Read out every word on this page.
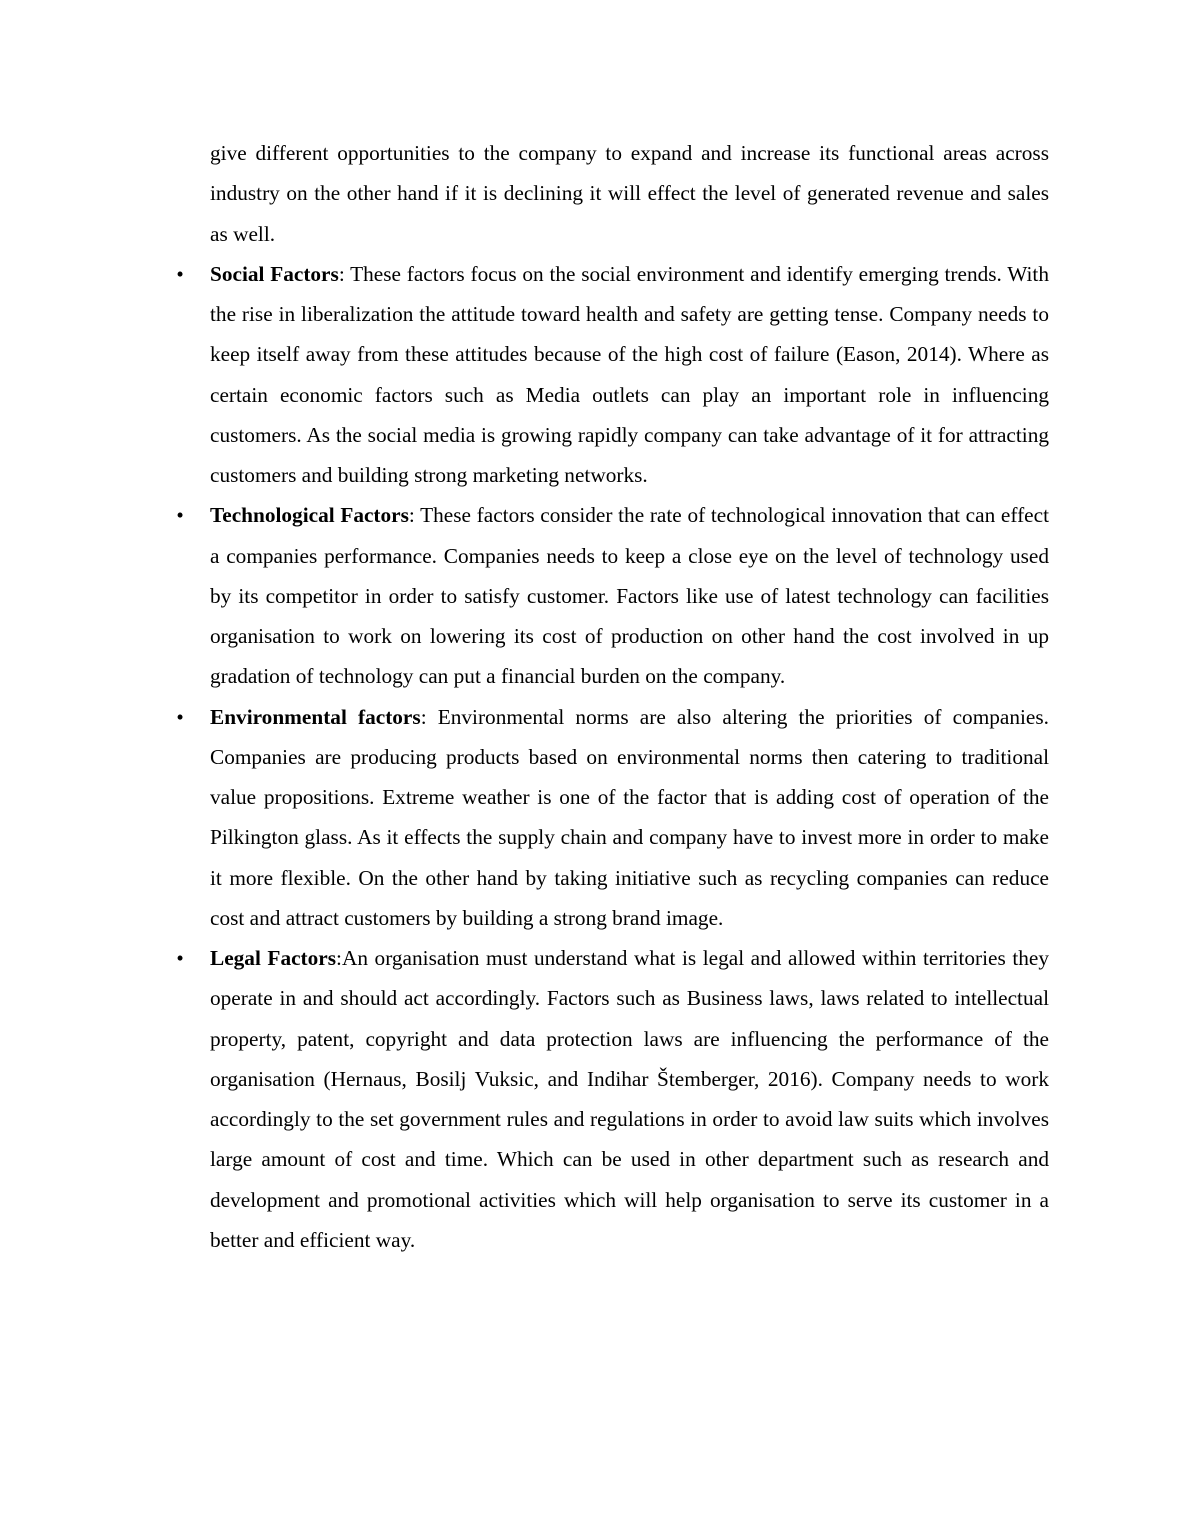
give different opportunities to the company to expand and increase its functional areas across industry on the other hand if it is declining it will effect the level of generated revenue and sales as well.

• Social Factors: These factors focus on the social environment and identify emerging trends. With the rise in liberalization the attitude toward health and safety are getting tense. Company needs to keep itself away from these attitudes because of the high cost of failure (Eason, 2014). Where as certain economic factors such as Media outlets can play an important role in influencing customers. As the social media is growing rapidly company can take advantage of it for attracting customers and building strong marketing networks.
• Technological Factors: These factors consider the rate of technological innovation that can effect a companies performance. Companies needs to keep a close eye on the level of technology used by its competitor in order to satisfy customer. Factors like use of latest technology can facilities organisation to work on lowering its cost of production on other hand the cost involved in up gradation of technology can put a financial burden on the company.
• Environmental factors: Environmental norms are also altering the priorities of companies. Companies are producing products based on environmental norms then catering to traditional value propositions. Extreme weather is one of the factor that is adding cost of operation of the Pilkington glass. As it effects the supply chain and company have to invest more in order to make it more flexible. On the other hand by taking initiative such as recycling companies can reduce cost and attract customers by building a strong brand image.
• Legal Factors:An organisation must understand what is legal and allowed within territories they operate in and should act accordingly. Factors such as Business laws, laws related to intellectual property, patent, copyright and data protection laws are influencing the performance of the organisation (Hernaus, Bosilj Vuksic, and Indihar Štemberger, 2016). Company needs to work accordingly to the set government rules and regulations in order to avoid law suits which involves large amount of cost and time. Which can be used in other department such as research and development and promotional activities which will help organisation to serve its customer in a better and efficient way.
